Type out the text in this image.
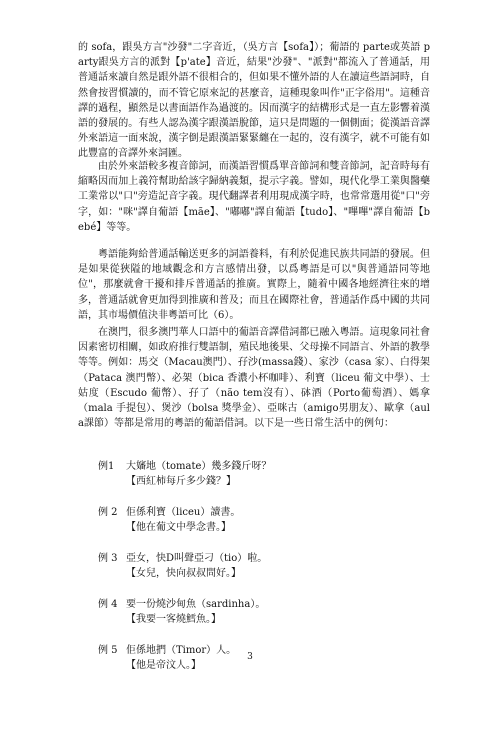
的 sofa，跟吳方言"沙發"二字音近，（吳方言【sofa】）；葡語的 parte或英語 party跟吳方言的派對【p'ate】音近，結果"沙發"、"派對"都流入了普通話，用普通話來讀自然是跟外語不很相合的，但如果不懂外語的人在讀這些語詞時，自然會按習慣讀的，而不管它原來記的甚麼音，這種現象叫作"正字俗用"。這種音譯的過程，顯然是以書面語作為過渡的。因而漢字的結構形式是一直左影響着漢語的發展的。有些人認為漢字跟漢語脫節，這只是問題的一個側面；從漢語音譯外來語這一面來說，漢字倒是跟漢語緊緊纏在一起的，沒有漢字，就不可能有如此豐富的音譯外來詞匯。

由於外來語較多複音節詞，而漢語習慣爲單音節詞和雙音節詞，記音時每有縮略因而加上義符幫助給該字歸納義類，提示字義。譬如，現代化學工業與醫藥工業常以"口"旁造記音字義。現代翻譯者利用現成漢字時，也常常選用從"口"旁字，如："咪"譯自葡語【mãe】、"嘟嘟"譯自葡語【tudo】、"嗶嗶"譯自葡語【bebé】等等。

粵語能夠給普通話輸送更多的詞語養料，有利於促進民族共同語的發展。但是如果從狹隘的地域觀念和方言感情出發，以爲粵語是可以"與普通語同等地位"，那麼就會干擾和排斥普通話的推廣。實際上，隨着中國各地經濟往來的增多，普通話就會更加得到推廣和普及；而且在國際社會，普通話作爲中國的共同語，其市場價值決非粵語可比（6）。

在澳門，很多澳門華人口語中的葡語音譯借詞都已融入粵語。這現象同社會因素密切相關，如政府推行雙語制，殖民地後果、父母操不同語言、外語的教學等等。例如：馬交（Macau澳門）、孖沙(massa錢）、家沙（casa 家）、白得架（Pataca 澳門幣）、必架（bica 香濃小杯咖啡）、利寶（liceu 葡文中學）、士姑度（Escudo 葡幣）、孖了（não tem沒有）、砵酒（Porto葡萄酒）、媽拿（mala 手提包）、煲沙（bolsa 獎學金）、亞咪古（amigo男朋友）、歐拿（aula課節）等都是常用的粵語的葡語借詞。以下是一些日常生活中的例句：

例1 大嬸地（tomate）幾多錢斤呀？
【西紅柿每斤多少錢？】
例 2 佢係利寶（liceu）讀書。
【他在葡文中學念書。】
例 3 亞女，快D叫聲亞刁（tio）啦。
【女兒，快向叔叔問好。】
例 4 要一份燒沙甸魚（sardinha）。
【我要一客燒鱈魚。】
例 5 佢係地捫（Timor）人。
【他是帝汶人。】
3
